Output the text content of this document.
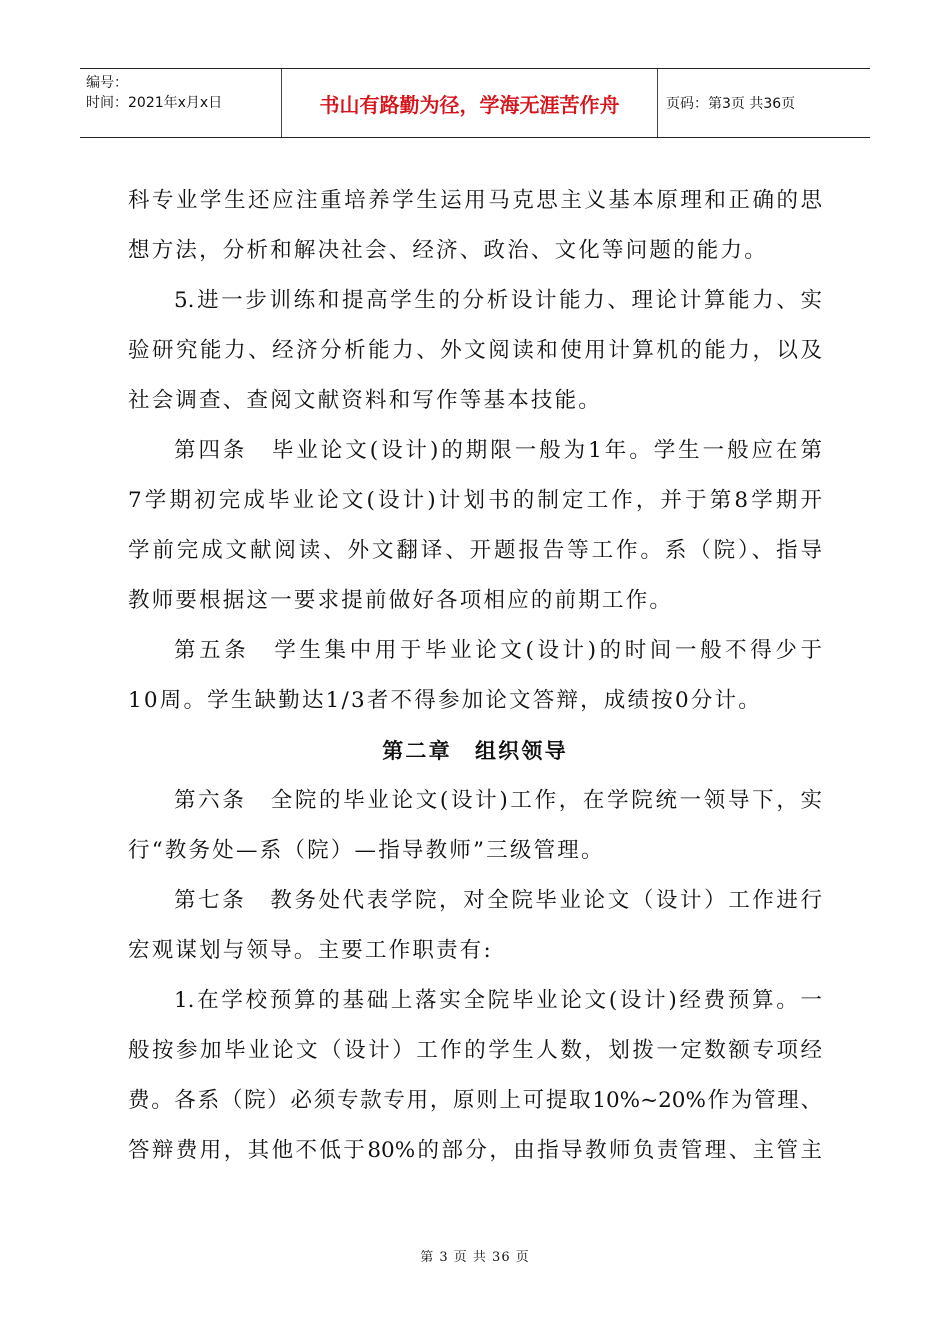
编号：
时间：2021年x月x日	书山有路勤为径，学海无涯苦作舟	页码：第3页 共36页
科专业学生还应注重培养学生运用马克思主义基本原理和正确的思
想方法，分析和解决社会、经济、政治、文化等问题的能力。
5.进一步训练和提高学生的分析设计能力、理论计算能力、实
验研究能力、经济分析能力、外文阅读和使用计算机的能力，以及
社会调查、查阅文献资料和写作等基本技能。
第四条　毕业论文(设计)的期限一般为1年。学生一般应在第
7学期初完成毕业论文(设计)计划书的制定工作，并于第8学期开
学前完成文献阅读、外文翻译、开题报告等工作。系（院）、指导
教师要根据这一要求提前做好各项相应的前期工作。
第五条　学生集中用于毕业论文(设计)的时间一般不得少于
10周。学生缺勤达1/3者不得参加论文答辩，成绩按0分计。
第二章　组织领导
第六条　全院的毕业论文(设计)工作，在学院统一领导下，实
行“教务处—系（院）—指导教师”三级管理。
第七条　教务处代表学院，对全院毕业论文（设计）工作进行
宏观谋划与领导。主要工作职责有:
1.在学校预算的基础上落实全院毕业论文(设计)经费预算。一
般按参加毕业论文（设计）工作的学生人数，划拨一定数额专项经
费。各系（院）必须专款专用，原则上可提取10%~20%作为管理、
答辩费用，其他不低于80%的部分，由指导教师负责管理、主管主
第 3 页 共 36 页
